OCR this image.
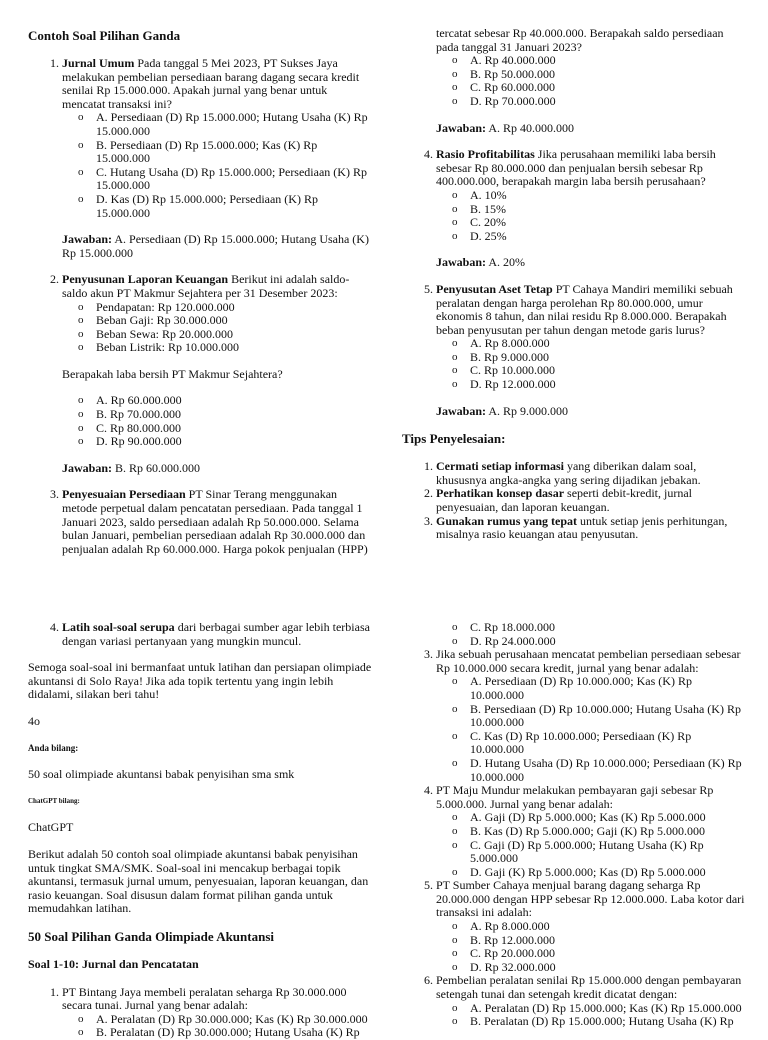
Contoh Soal Pilihan Ganda
1. Jurnal Umum Pada tanggal 5 Mei 2023, PT Sukses Jaya melakukan pembelian persediaan barang dagang secara kredit senilai Rp 15.000.000. Apakah jurnal yang benar untuk mencatat transaksi ini?
o A. Persediaan (D) Rp 15.000.000; Hutang Usaha (K) Rp 15.000.000
o B. Persediaan (D) Rp 15.000.000; Kas (K) Rp 15.000.000
o C. Hutang Usaha (D) Rp 15.000.000; Persediaan (K) Rp 15.000.000
o D. Kas (D) Rp 15.000.000; Persediaan (K) Rp 15.000.000

Jawaban: A. Persediaan (D) Rp 15.000.000; Hutang Usaha (K) Rp 15.000.000

2. Penyusunan Laporan Keuangan Berikut ini adalah saldo-saldo akun PT Makmur Sejahtera per 31 Desember 2023:
o Pendapatan: Rp 120.000.000
o Beban Gaji: Rp 30.000.000
o Beban Sewa: Rp 20.000.000
o Beban Listrik: Rp 10.000.000

Berapakah laba bersih PT Makmur Sejahtera?

o A. Rp 60.000.000
o B. Rp 70.000.000
o C. Rp 80.000.000
o D. Rp 90.000.000

Jawaban: B. Rp 60.000.000

3. Penyesuaian Persediaan PT Sinar Terang menggunakan metode perpetual dalam pencatatan persediaan. Pada tanggal 1 Januari 2023, saldo persediaan adalah Rp 50.000.000. Selama bulan Januari, pembelian persediaan adalah Rp 30.000.000 dan penjualan adalah Rp 60.000.000. Harga pokok penjualan (HPP)

tercatat sebesar Rp 40.000.000. Berapakah saldo persediaan pada tanggal 31 Januari 2023?

o A. Rp 40.000.000
o B. Rp 50.000.000
o C. Rp 60.000.000
o D. Rp 70.000.000

Jawaban: A. Rp 40.000.000

4. Rasio Profitabilitas Jika perusahaan memiliki laba bersih sebesar Rp 80.000.000 dan penjualan bersih sebesar Rp 400.000.000, berapakah margin laba bersih perusahaan?
o A. 10%
o B. 15%
o C. 20%
o D. 25%

Jawaban: A. 20%

5. Penyusutan Aset Tetap PT Cahaya Mandiri memiliki sebuah peralatan dengan harga perolehan Rp 80.000.000, umur ekonomis 8 tahun, dan nilai residu Rp 8.000.000. Berapakah beban penyusutan per tahun dengan metode garis lurus?
o A. Rp 8.000.000
o B. Rp 9.000.000
o C. Rp 10.000.000
o D. Rp 12.000.000

Jawaban: A. Rp 9.000.000

Tips Penyelesaian:
1. Cermati setiap informasi yang diberikan dalam soal, khususnya angka-angka yang sering dijadikan jebakan.
2. Perhatikan konsep dasar seperti debit-kredit, jurnal penyesuaian, dan laporan keuangan.
3. Gunakan rumus yang tepat untuk setiap jenis perhitungan, misalnya rasio keuangan atau penyusutan.
4. Latih soal-soal serupa dari berbagai sumber agar lebih terbiasa dengan variasi pertanyaan yang mungkin muncul.

Semoga soal-soal ini bermanfaat untuk latihan dan persiapan olimpiade akuntansi di Solo Raya! Jika ada topik tertentu yang ingin lebih didalami, silakan beri tahu!

4o

Anda bilang:

50 soal olimpiade akuntansi babak penyisihan sma smk

ChatGPT bilang:

ChatGPT

Berikut adalah 50 contoh soal olimpiade akuntansi babak penyisihan untuk tingkat SMA/SMK. Soal-soal ini mencakup berbagai topik akuntansi, termasuk jurnal umum, penyesuaian, laporan keuangan, dan rasio keuangan. Soal disusun dalam format pilihan ganda untuk memudahkan latihan.

50 Soal Pilihan Ganda Olimpiade Akuntansi

Soal 1-10: Jurnal dan Pencatatan

1. PT Bintang Jaya membeli peralatan seharga Rp 30.000.000 secara tunai. Jurnal yang benar adalah:
o A. Peralatan (D) Rp 30.000.000; Kas (K) Rp 30.000.000
o B. Peralatan (D) Rp 30.000.000; Hutang Usaha (K) Rp
o C. Rp 18.000.000
o D. Rp 24.000.000
3. Jika sebuah perusahaan mencatat pembelian persediaan sebesar Rp 10.000.000 secara kredit, jurnal yang benar adalah:
o A. Persediaan (D) Rp 10.000.000; Kas (K) Rp 10.000.000
o B. Persediaan (D) Rp 10.000.000; Hutang Usaha (K) Rp 10.000.000
o C. Kas (D) Rp 10.000.000; Persediaan (K) Rp 10.000.000
o D. Hutang Usaha (D) Rp 10.000.000; Persediaan (K) Rp 10.000.000
4. PT Maju Mundur melakukan pembayaran gaji sebesar Rp 5.000.000. Jurnal yang benar adalah:
o A. Gaji (D) Rp 5.000.000; Kas (K) Rp 5.000.000
o B. Kas (D) Rp 5.000.000; Gaji (K) Rp 5.000.000
o C. Gaji (D) Rp 5.000.000; Hutang Usaha (K) Rp 5.000.000
o D. Gaji (K) Rp 5.000.000; Kas (D) Rp 5.000.000
5. PT Sumber Cahaya menjual barang dagang seharga Rp 20.000.000 dengan HPP sebesar Rp 12.000.000. Laba kotor dari transaksi ini adalah:
o A. Rp 8.000.000
o B. Rp 12.000.000
o C. Rp 20.000.000
o D. Rp 32.000.000
6. Pembelian peralatan senilai Rp 15.000.000 dengan pembayaran setengah tunai dan setengah kredit dicatat dengan:
o A. Peralatan (D) Rp 15.000.000; Kas (K) Rp 15.000.000
o B. Peralatan (D) Rp 15.000.000; Hutang Usaha (K) Rp
